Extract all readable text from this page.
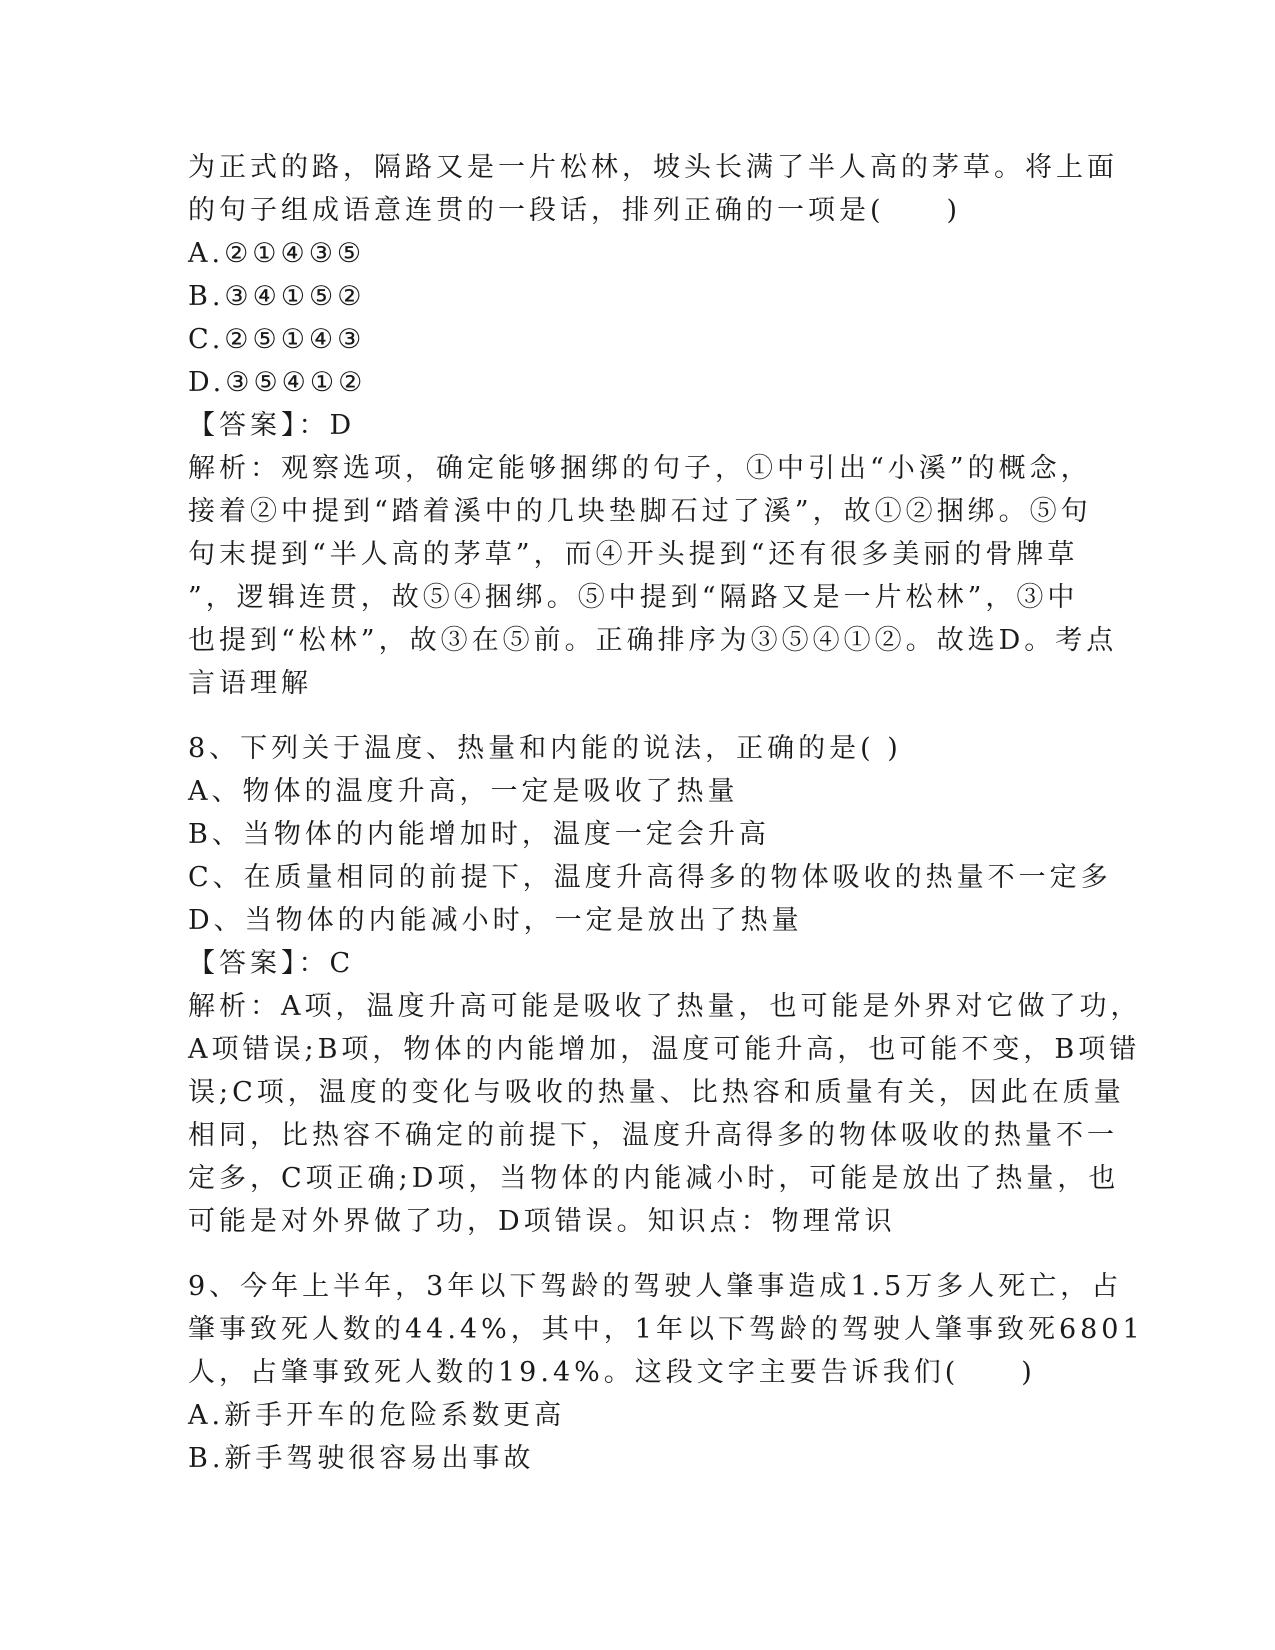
为正式的路，隔路又是一片松林，坡头长满了半人高的茅草。将上面
的句子组成语意连贯的一段话，排列正确的一项是(　　)
A.②①④③⑤
B.③④①⑤②
C.②⑤①④③
D.③⑤④①②
【答案】：D
解析：观察选项，确定能够捆绑的句子，①中引出“小溪”的概念，
接着②中提到“踏着溪中的几块垫脚石过了溪”，故①②捆绑。⑤句
句末提到“半人高的茅草”，而④开头提到“还有很多美丽的骨牌草
”，逻辑连贯，故⑤④捆绑。⑤中提到“隔路又是一片松林”，③中
也提到“松林”，故③在⑤前。正确排序为③⑤④①②。故选D。考点
言语理解
8、下列关于温度、热量和内能的说法，正确的是( )
A、物体的温度升高，一定是吸收了热量
B、当物体的内能增加时，温度一定会升高
C、在质量相同的前提下，温度升高得多的物体吸收的热量不一定多
D、当物体的内能减小时，一定是放出了热量
【答案】：C
解析：A项，温度升高可能是吸收了热量，也可能是外界对它做了功，
A项错误;B项，物体的内能增加，温度可能升高，也可能不变，B项错
误;C项，温度的变化与吸收的热量、比热容和质量有关，因此在质量
相同，比热容不确定的前提下，温度升高得多的物体吸收的热量不一
定多，C项正确;D项，当物体的内能减小时，可能是放出了热量，也
可能是对外界做了功，D项错误。知识点：物理常识
9、今年上半年，3年以下驾龄的驾驶人肇事造成1.5万多人死亡，占
肇事致死人数的44.4%，其中，1年以下驾龄的驾驶人肇事致死6801
人，占肇事致死人数的19.4%。这段文字主要告诉我们(　　)
A.新手开车的危险系数更高
B.新手驾驶很容易出事故
